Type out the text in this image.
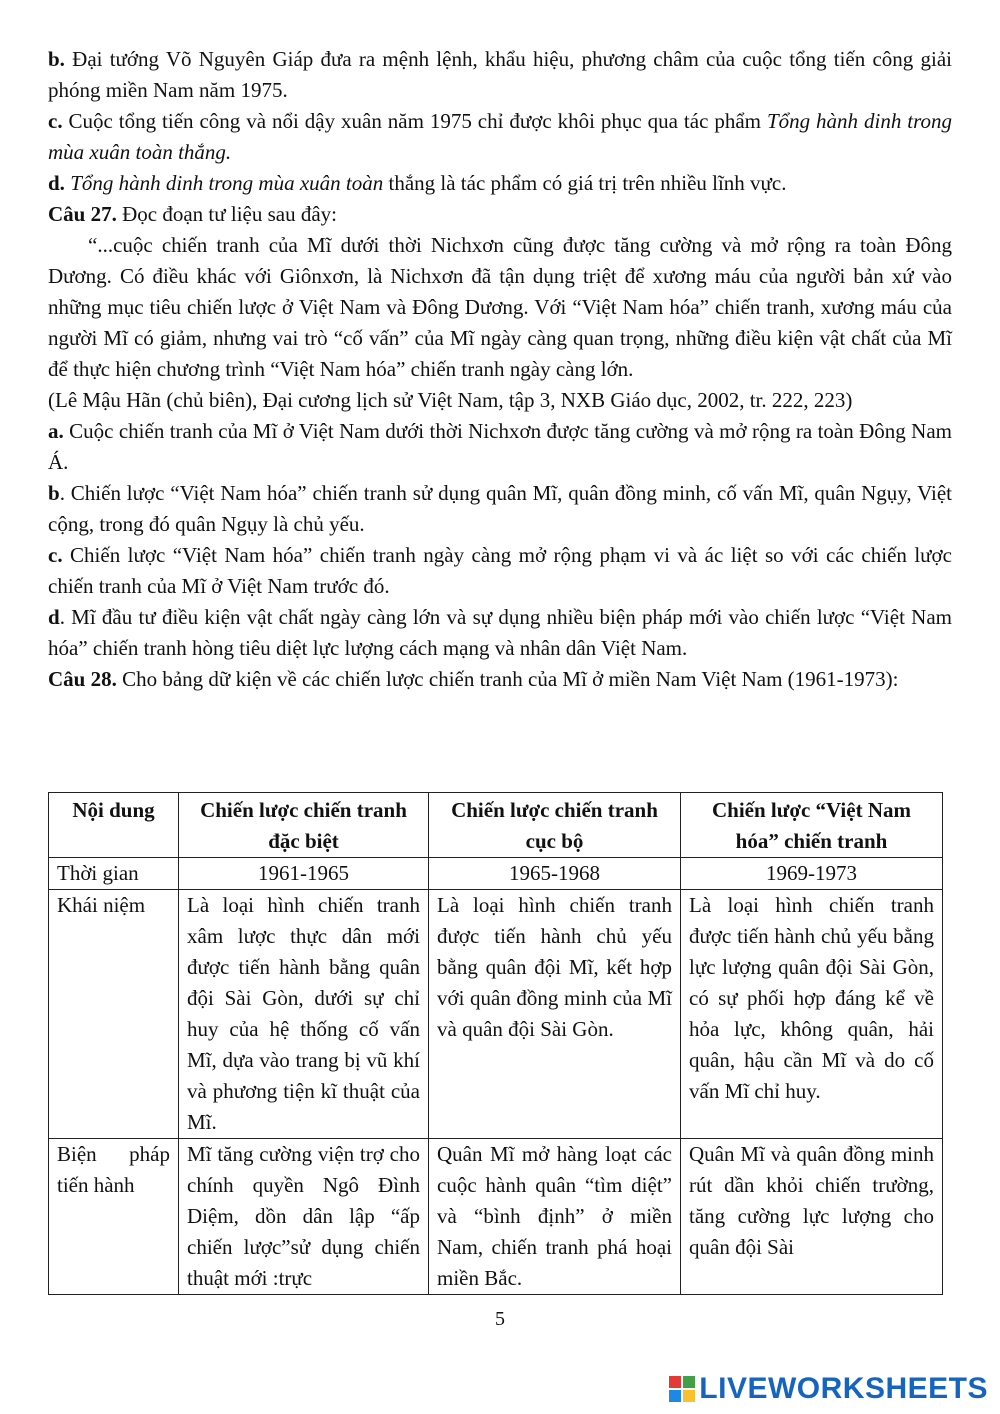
b. Đại tướng Võ Nguyên Giáp đưa ra mệnh lệnh, khẩu hiệu, phương châm của cuộc tổng tiến công giải phóng miền Nam năm 1975.

c. Cuộc tổng tiến công và nổi dậy xuân năm 1975 chỉ được khôi phục qua tác phẩm Tổng hành dinh trong mùa xuân toàn thắng.

d. Tổng hành dinh trong mùa xuân toàn thắng là tác phẩm có giá trị trên nhiều lĩnh vực.

Câu 27. Đọc đoạn tư liệu sau đây:

“...cuộc chiến tranh của Mĩ dưới thời Nichxơn cũng được tăng cường và mở rộng ra toàn Đông Dương. Có điều khác với Giônxơn, là Nichxơn đã tận dụng triệt để xương máu của người bản xứ vào những mục tiêu chiến lược ở Việt Nam và Đông Dương. Với “Việt Nam hóa” chiến tranh, xương máu của người Mĩ có giảm, nhưng vai trò “cố vấn” của Mĩ ngày càng quan trọng, những điều kiện vật chất của Mĩ để thực hiện chương trình “Việt Nam hóa” chiến tranh ngày càng lớn.

(Lê Mậu Hãn (chủ biên), Đại cương lịch sử Việt Nam, tập 3, NXB Giáo dục, 2002, tr. 222, 223)

a. Cuộc chiến tranh của Mĩ ở Việt Nam dưới thời Nichxơn được tăng cường và mở rộng ra toàn Đông Nam Á.

b. Chiến lược “Việt Nam hóa” chiến tranh sử dụng quân Mĩ, quân đồng minh, cố vấn Mĩ, quân Ngụy, Việt cộng, trong đó quân Ngụy là chủ yếu.

c. Chiến lược “Việt Nam hóa” chiến tranh ngày càng mở rộng phạm vi và ác liệt so với các chiến lược chiến tranh của Mĩ ở Việt Nam trước đó.

d. Mĩ đầu tư điều kiện vật chất ngày càng lớn và sự dụng nhiều biện pháp mới vào chiến lược “Việt Nam hóa” chiến tranh hòng tiêu diệt lực lượng cách mạng và nhân dân Việt Nam.

Câu 28. Cho bảng dữ kiện về các chiến lược chiến tranh của Mĩ ở miền Nam Việt Nam (1961-1973):

Nội dung	Chiến lược chiến tranh đặc biệt	Chiến lược chiến tranh cục bộ	Chiến lược “Việt Nam hóa” chiến tranh
Thời gian	1961-1965	1965-1968	1969-1973
Khái niệm	Là loại hình chiến tranh xâm lược thực dân mới được tiến hành bằng quân đội Sài Gòn, dưới sự chỉ huy của hệ thống cố vấn Mĩ, dựa vào trang bị vũ khí và phương tiện kĩ thuật của Mĩ.	Là loại hình chiến tranh được tiến hành chủ yếu bằng quân đội Mĩ, kết hợp với quân đồng minh của Mĩ và quân đội Sài Gòn.	Là loại hình chiến tranh được tiến hành chủ yếu bằng lực lượng quân đội Sài Gòn, có sự phối hợp đáng kể về hỏa lực, không quân, hải quân, hậu cần Mĩ và do cố vấn Mĩ chỉ huy.
Biện pháp tiến hành	Mĩ tăng cường viện trợ cho chính quyền Ngô Đình Diệm, dồn dân lập “ấp chiến lược”sử dụng chiến thuật mới :trực	Quân Mĩ mở hàng loạt các cuộc hành quân “tìm diệt” và “bình định” ở miền Nam, chiến tranh phá hoại miền Bắc.	Quân Mĩ và quân đồng minh rút dần khỏi chiến trường, tăng cường lực lượng cho quân đội Sài
5
LIVEWORKSHEETS
